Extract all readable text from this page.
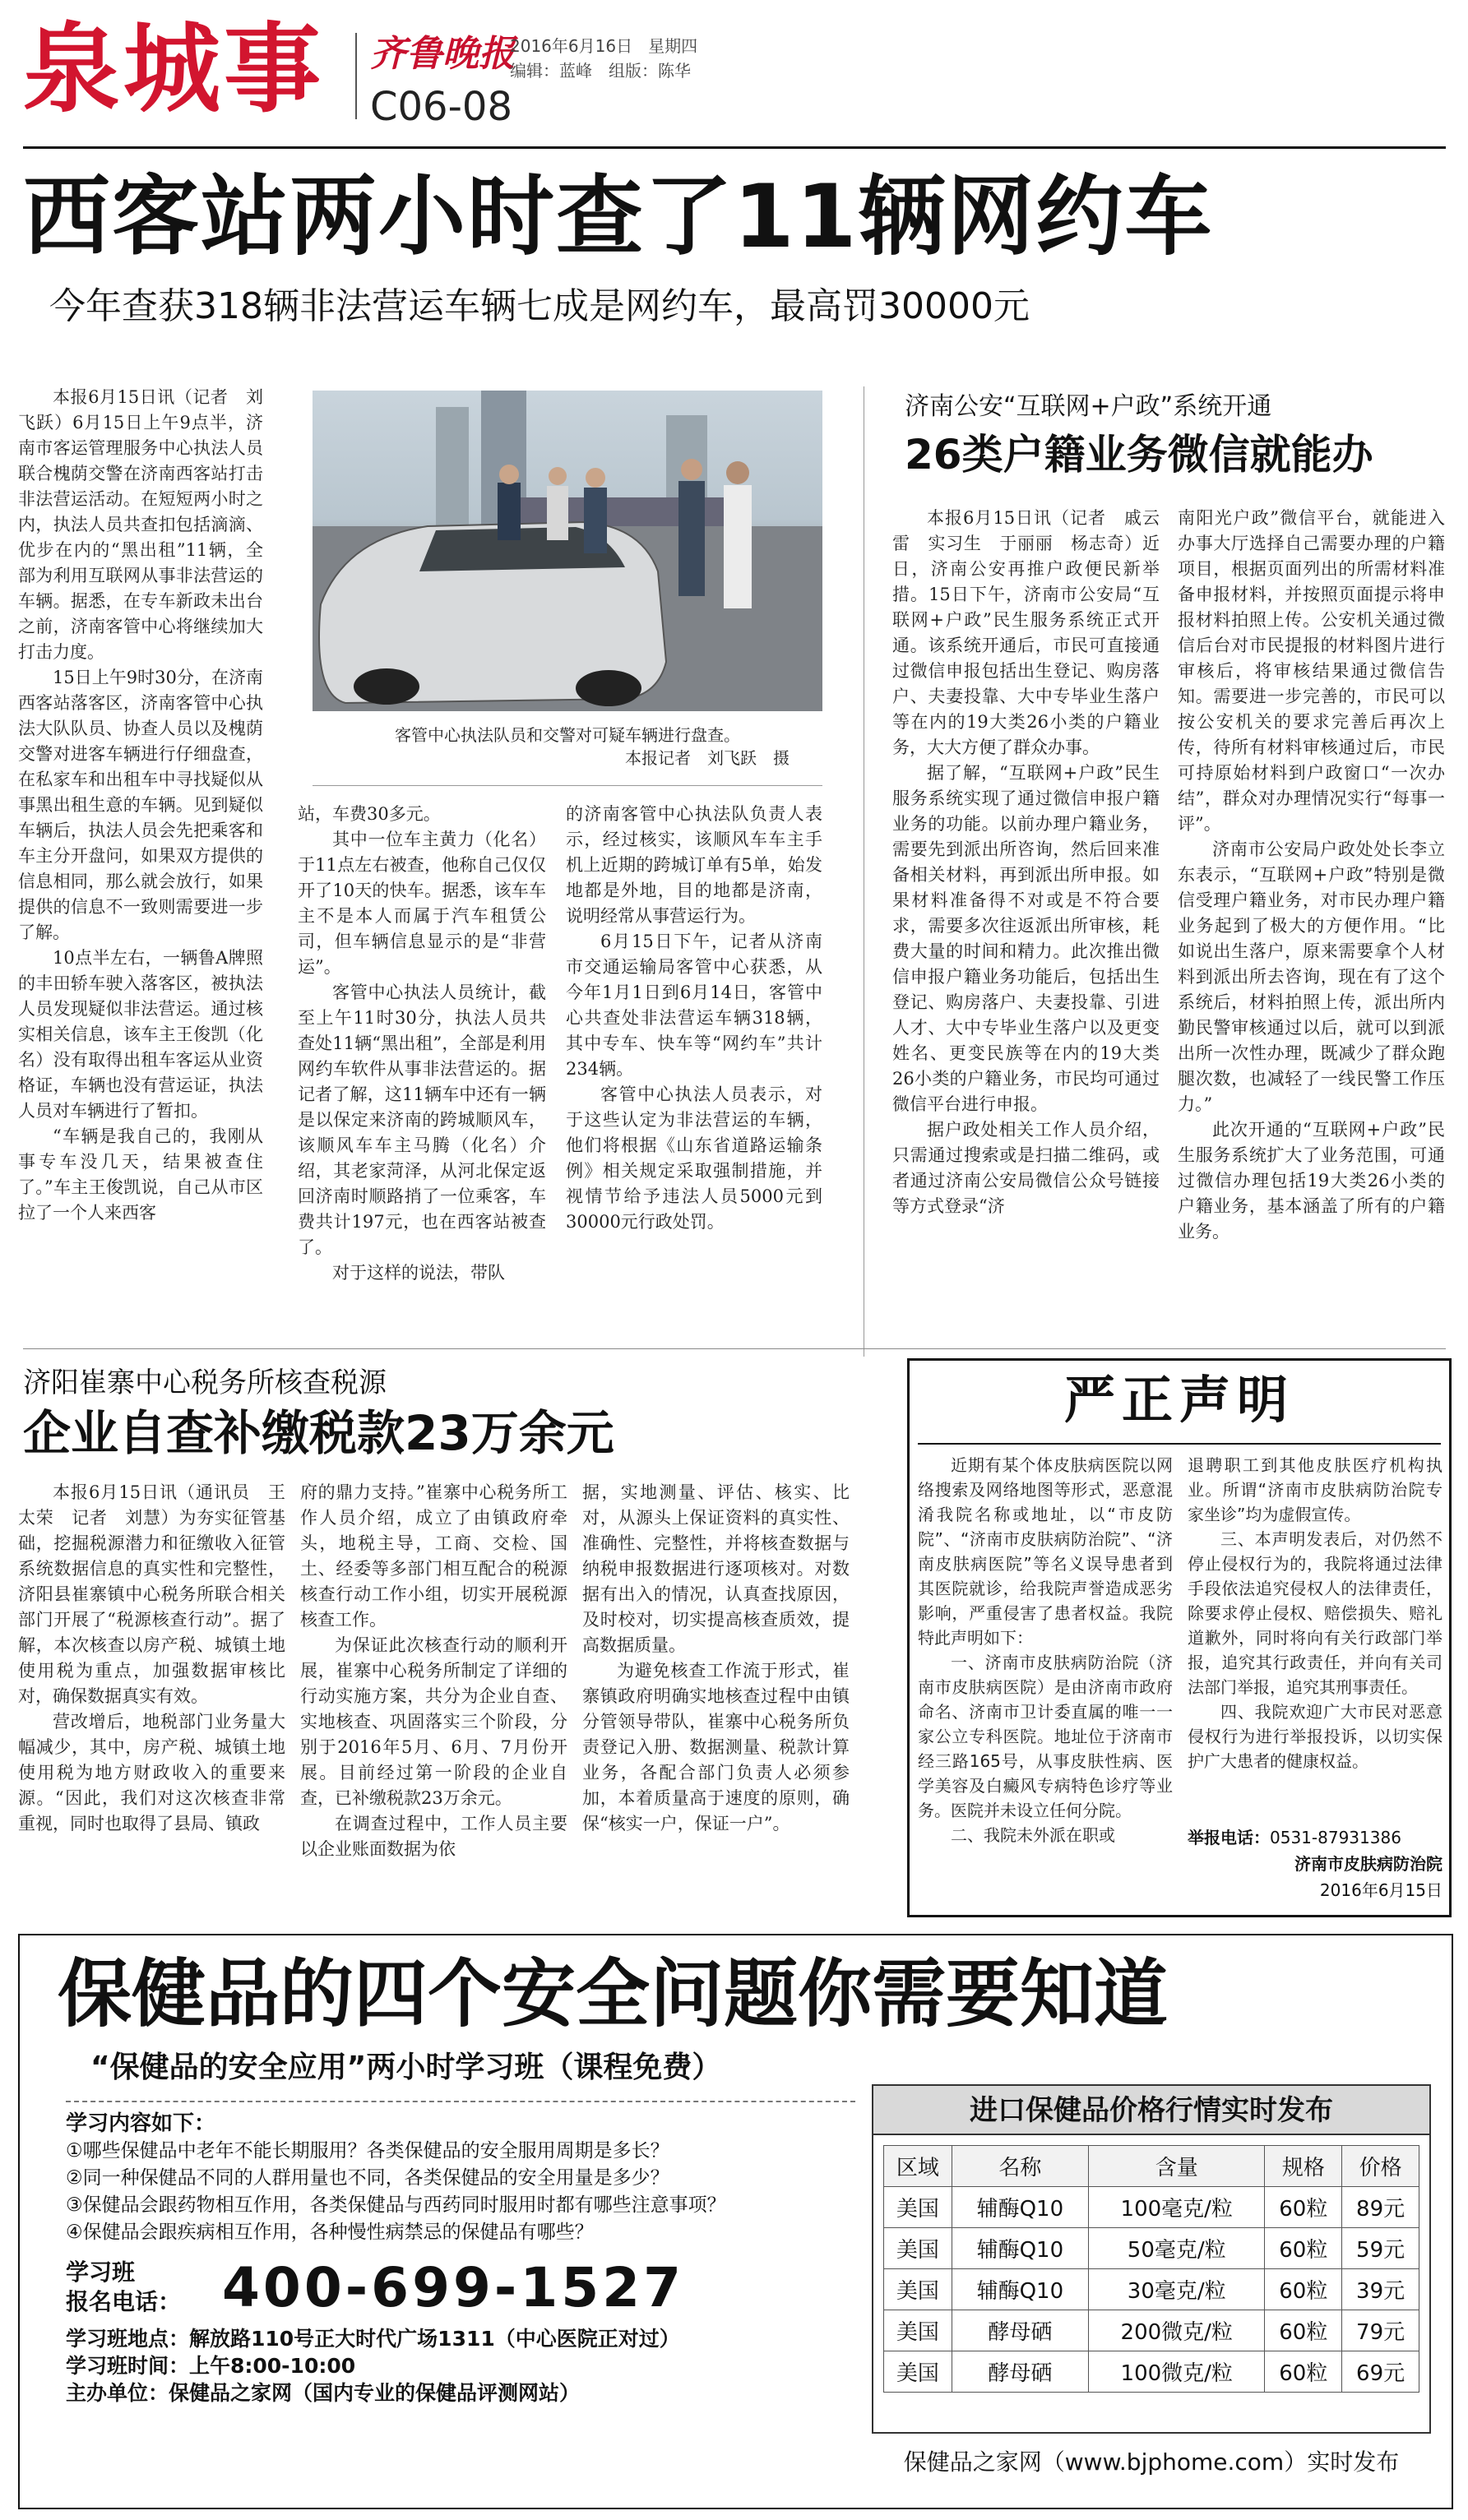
泉城事 齐鲁晚报
2016年6月16日 星期四
编辑：蓝峰　组版：陈华
C06-08
西客站两小时查了11辆网约车
今年查获318辆非法营运车辆七成是网约车，最高罚30000元

本报6月15日讯（记者　刘飞跃）6月15日上午9点半，济南市客运管理服务中心执法人员联合槐荫交警在济南西客站打击非法营运活动。在短短两小时之内，执法人员共查扣包括滴滴、优步在内的“黑出租”11辆，全部为利用互联网从事非法营运的车辆。据悉，在专车新政未出台之前，济南客管中心将继续加大打击力度。

15日上午9时30分，在济南西客站落客区，济南客管中心执法大队队员、协查人员以及槐荫交警对进客车辆进行仔细盘查，在私家车和出租车中寻找疑似从事黑出租生意的车辆。见到疑似车辆后，执法人员会先把乘客和车主分开盘问，如果双方提供的信息相同，那么就会放行，如果提供的信息不一致则需要进一步了解。

10点半左右，一辆鲁A牌照的丰田轿车驶入落客区，被执法人员发现疑似非法营运。通过核实相关信息，该车主王俊凯（化名）没有取得出租车客运从业资格证，车辆也没有营运证，执法人员对车辆进行了暂扣。

“车辆是我自己的，我刚从事专车没几天，结果被查住了。”车主王俊凯说，自己从市区拉了一个人来西客

客管中心执法队员和交警对可疑车辆进行盘查。
本报记者　刘飞跃　摄

站，车费30多元。

其中一位车主黄力（化名）于11点左右被查，他称自己仅仅开了10天的快车。据悉，该车车主不是本人而属于汽车租赁公司，但车辆信息显示的是“非营运”。

客管中心执法人员统计，截至上午11时30分，执法人员共查处11辆“黑出租”，全部是利用网约车软件从事非法营运的。据记者了解，这11辆车中还有一辆是以保定来济南的跨城顺风车，该顺风车车主马腾（化名）介绍，其老家菏泽，从河北保定返回济南时顺路捎了一位乘客，车费共计197元，也在西客站被查了。

对于这样的说法，带队

的济南客管中心执法队负责人表示，经过核实，该顺风车车主手机上近期的跨城订单有5单，始发地都是外地，目的地都是济南，说明经常从事营运行为。

6月15日下午，记者从济南市交通运输局客管中心获悉，从今年1月1日到6月14日，客管中心共查处非法营运车辆318辆，其中专车、快车等“网约车”共计234辆。

客管中心执法人员表示，对于这些认定为非法营运的车辆，他们将根据《山东省道路运输条例》相关规定采取强制措施，并视情节给予违法人员5000元到30000元行政处罚。

济南公安“互联网+户政”系统开通
26类户籍业务微信就能办

本报6月15日讯（记者　戚云雷　实习生　于丽丽　杨志奇）近日，济南公安再推户政便民新举措。15日下午，济南市公安局“互联网+户政”民生服务系统正式开通。该系统开通后，市民可直接通过微信申报包括出生登记、购房落户、夫妻投靠、大中专毕业生落户等在内的19大类26小类的户籍业务，大大方便了群众办事。

据了解，“互联网+户政”民生服务系统实现了通过微信申报户籍业务的功能。以前办理户籍业务，需要先到派出所咨询，然后回来准备相关材料，再到派出所申报。如果材料准备得不对或是不符合要求，需要多次往返派出所审核，耗费大量的时间和精力。此次推出微信申报户籍业务功能后，包括出生登记、购房落户、夫妻投靠、引进人才、大中专毕业生落户以及更变姓名、更变民族等在内的19大类26小类的户籍业务，市民均可通过微信平台进行申报。

据户政处相关工作人员介绍，只需通过搜索或是扫描二维码，或者通过济南公安局微信公众号链接等方式登录“济

南阳光户政”微信平台，就能进入办事大厅选择自己需要办理的户籍项目，根据页面列出的所需材料准备申报材料，并按照页面提示将申报材料拍照上传。公安机关通过微信后台对市民提报的材料图片进行审核后，将审核结果通过微信告知。需要进一步完善的，市民可以按公安机关的要求完善后再次上传，待所有材料审核通过后，市民可持原始材料到户政窗口“一次办结”，群众对办理情况实行“每事一评”。

济南市公安局户政处处长李立东表示，“互联网+户政”特别是微信受理户籍业务，对市民办理户籍业务起到了极大的方便作用。“比如说出生落户，原来需要拿个人材料到派出所去咨询，现在有了这个系统后，材料拍照上传，派出所内勤民警审核通过以后，就可以到派出所一次性办理，既减少了群众跑腿次数，也减轻了一线民警工作压力。”

此次开通的“互联网+户政”民生服务系统扩大了业务范围，可通过微信办理包括19大类26小类的户籍业务，基本涵盖了所有的户籍业务。

济阳崔寨中心税务所核查税源
企业自查补缴税款23万余元

本报6月15日讯（通讯员　王太荣　记者　刘慧）为夯实征管基础，挖掘税源潜力和征缴收入征管系统数据信息的真实性和完整性，济阳县崔寨镇中心税务所联合相关部门开展了“税源核查行动”。据了解，本次核查以房产税、城镇土地使用税为重点，加强数据审核比对，确保数据真实有效。

营改增后，地税部门业务量大幅减少，其中，房产税、城镇土地使用税为地方财政收入的重要来源。“因此，我们对这次核查非常重视，同时也取得了县局、镇政

府的鼎力支持。”崔寨中心税务所工作人员介绍，成立了由镇政府牵头，地税主导，工商、交检、国土、经委等多部门相互配合的税源核查行动工作小组，切实开展税源核查工作。

为保证此次核查行动的顺利开展，崔寨中心税务所制定了详细的行动实施方案，共分为企业自查、实地核查、巩固落实三个阶段，分别于2016年5月、6月、7月份开展。目前经过第一阶段的企业自查，已补缴税款23万余元。

在调查过程中，工作人员主要以企业账面数据为依

据，实地测量、评估、核实、比对，从源头上保证资料的真实性、准确性、完整性，并将核查数据与纳税申报数据进行逐项核对。对数据有出入的情况，认真查找原因，及时校对，切实提高核查质效，提高数据质量。

为避免核查工作流于形式，崔寨镇政府明确实地核查过程中由镇分管领导带队，崔寨中心税务所负责登记入册、数据测量、税款计算业务，各配合部门负责人必须参加，本着质量高于速度的原则，确保“核实一户，保证一户”。

严正声明

近期有某个体皮肤病医院以网络搜索及网络地图等形式，恶意混淆我院名称或地址，以“市皮防院”、“济南市皮肤病防治院”、“济南皮肤病医院”等名义误导患者到其医院就诊，给我院声誉造成恶劣影响，严重侵害了患者权益。我院特此声明如下：

一、济南市皮肤病防治院（济南市皮肤病医院）是由济南市政府命名、济南市卫计委直属的唯一一家公立专科医院。地址位于济南市经三路165号，从事皮肤性病、医学美容及白癜风专病特色诊疗等业务。医院并未设立任何分院。

二、我院未外派在职或

退聘职工到其他皮肤医疗机构执业。所谓“济南市皮肤病防治院专家坐诊”均为虚假宣传。

三、本声明发表后，对仍然不停止侵权行为的，我院将通过法律手段依法追究侵权人的法律责任，除要求停止侵权、赔偿损失、赔礼道歉外，同时将向有关行政部门举报，追究其行政责任，并向有关司法部门举报，追究其刑事责任。

四、我院欢迎广大市民对恶意侵权行为进行举报投诉，以切实保护广大患者的健康权益。

举报电话：0531-87931386
济南市皮肤病防治院
2016年6月15日
保健品的四个安全问题你需要知道
“保健品的安全应用”两小时学习班（课程免费）
学习内容如下：
①哪些保健品中老年不能长期服用？各类保健品的安全服用周期是多长？
②同一种保健品不同的人群用量也不同，各类保健品的安全用量是多少？
③保健品会跟药物相互作用，各类保健品与西药同时服用时都有哪些注意事项？
④保健品会跟疾病相互作用，各种慢性病禁忌的保健品有哪些？
学习班
报名电话： 400-699-1527
学习班地点：解放路110号正大时代广场1311（中心医院正对过）
学习班时间：上午8:00-10:00
主办单位：保健品之家网（国内专业的保健品评测网站）
进口保健品价格行情实时发布
区域	名称	含量	规格	价格
美国	辅酶Q10	100毫克/粒	60粒	89元
美国	辅酶Q10	50毫克/粒	60粒	59元
美国	辅酶Q10	30毫克/粒	60粒	39元
美国	酵母硒	200微克/粒	60粒	79元
美国	酵母硒	100微克/粒	60粒	69元
保健品之家网（www.bjphome.com）实时发布
